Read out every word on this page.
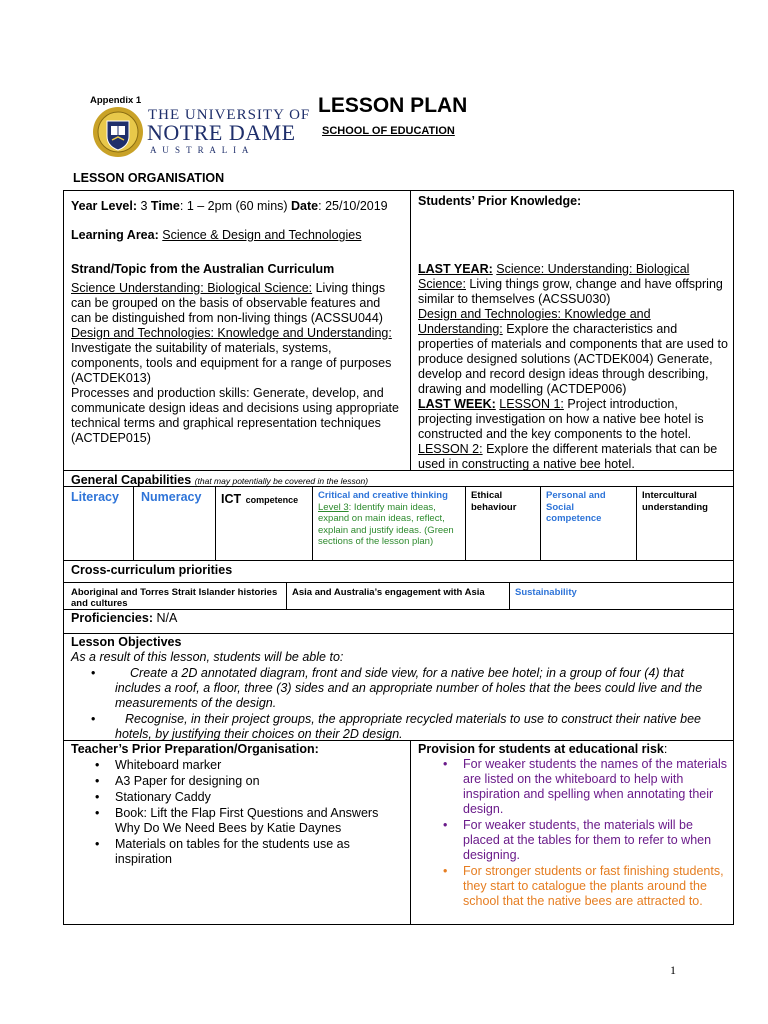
Appendix 1
THE UNIVERSITY OF
NOTRE DAME
A U S T R A L I A
LESSON PLAN
SCHOOL OF EDUCATION
LESSON ORGANISATION
Year Level: 3 Time: 1 – 2pm (60 mins) Date: 25/10/2019
Learning Area: Science & Design and Technologies
Strand/Topic from the Australian Curriculum
Science Understanding: Biological Science: Living things can be grouped on the basis of observable features and can be distinguished from non-living things (ACSSU044)
Design and Technologies: Knowledge and Understanding: Investigate the suitability of materials, systems, components, tools and equipment for a range of purposes (ACTDEK013)
Processes and production skills: Generate, develop, and communicate design ideas and decisions using appropriate technical terms and graphical representation techniques (ACTDEP015)
Students’ Prior Knowledge:
LAST YEAR: Science: Understanding: Biological Science: Living things grow, change and have offspring similar to themselves (ACSSU030)
Design and Technologies: Knowledge and Understanding: Explore the characteristics and properties of materials and components that are used to produce designed solutions (ACTDEK004) Generate, develop and record design ideas through describing, drawing and modelling (ACTDEP006)
LAST WEEK: LESSON 1: Project introduction, projecting investigation on how a native bee hotel is constructed and the key components to the hotel.
LESSON 2: Explore the different materials that can be used in constructing a native bee hotel.
General Capabilities (that may potentially be covered in the lesson)
Literacy Numeracy ICT competence Critical and creative thinking
Level 3: Identify main ideas, expand on main ideas, reflect, explain and justify ideas. (Green sections of the lesson plan)
Ethical behaviour
Personal and Social competence
Intercultural understanding
Cross-curriculum priorities
Aboriginal and Torres Strait Islander histories and cultures
Asia and Australia’s engagement with Asia	Sustainability
Proficiencies: N/A
Lesson Objectives
As a result of this lesson, students will be able to:
•	Create a 2D annotated diagram, front and side view, for a native bee hotel; in a group of four (4) that includes a roof, a floor, three (3) sides and an appropriate number of holes that the bees could live and the measurements of the design.
• Recognise, in their project groups, the appropriate recycled materials to use to construct their native bee hotels, by justifying their choices on their 2D design.
Teacher’s Prior Preparation/Organisation:
• Whiteboard marker
• A3 Paper for designing on
• Stationary Caddy
• Book: Lift the Flap First Questions and Answers Why Do We Need Bees by Katie Daynes
• Materials on tables for the students use as inspiration
Provision for students at educational risk:
• For weaker students the names of the materials are listed on the whiteboard to help with inspiration and spelling when annotating their design.
• For weaker students, the materials will be placed at the tables for them to refer to when designing.
• For stronger students or fast finishing students, they start to catalogue the plants around the school that the native bees are attracted to.
1
